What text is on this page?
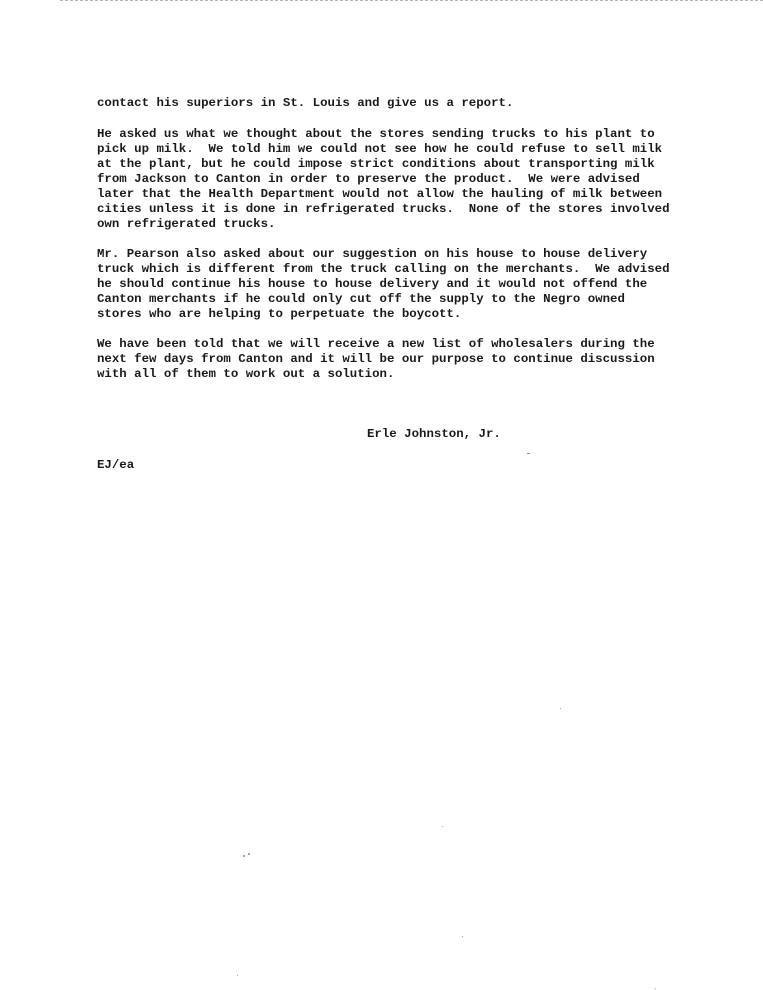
contact his superiors in St. Louis and give us a report.

He asked us what we thought about the stores sending trucks to his plant to

pick up milk.  We told him we could not see how he could refuse to sell milk

at the plant, but he could impose strict conditions about transporting milk

from Jackson to Canton in order to preserve the product.  We were advised

later that the Health Department would not allow the hauling of milk between

cities unless it is done in refrigerated trucks.  None of the stores involved

own refrigerated trucks.

Mr. Pearson also asked about our suggestion on his house to house delivery

truck which is different from the truck calling on the merchants.  We advised

he should continue his house to house delivery and it would not offend the

Canton merchants if he could only cut off the supply to the Negro owned

stores who are helping to perpetuate the boycott.

We have been told that we will receive a new list of wholesalers during the

next few days from Canton and it will be our purpose to continue discussion

with all of them to work out a solution.

Erle Johnston, Jr.

EJ/ea
